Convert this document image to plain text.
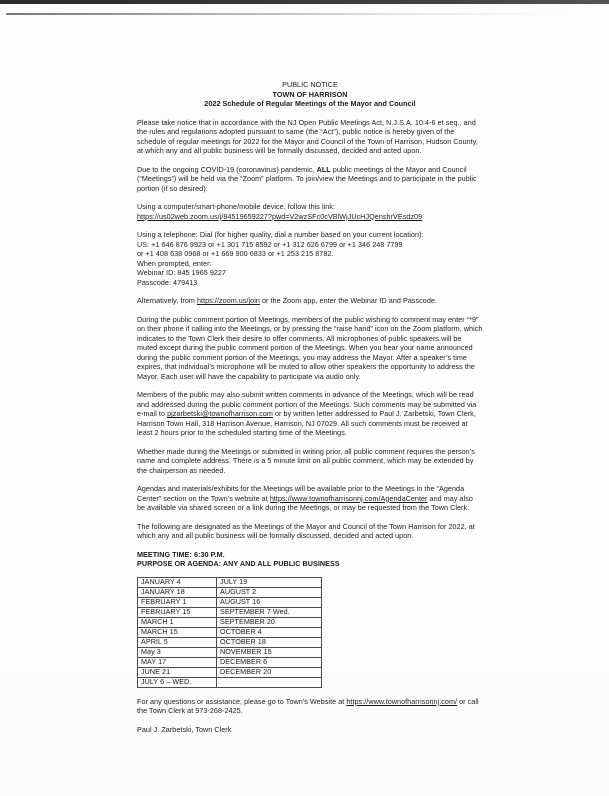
PUBLIC NOTICE
TOWN OF HARRISON
2022 Schedule of Regular Meetings of the Mayor and Council

Please take notice that in accordance with the NJ Open Public Meetings Act, N.J.S.A. 10:4-6 et seq., and the rules and regulations adopted pursuant to same (the “Act”), public notice is hereby given of the schedule of regular meetings for 2022 for the Mayor and Council of the Town of Harrison, Hudson County, at which any and all public business will be formally discussed, decided and acted upon.

Due to the ongoing COVID-19 (coronavirus) pandemic, ALL public meetings of the Mayor and Council (“Meetings”) will be held via the “Zoom” platform. To join/view the Meetings and to participate in the public portion (if so desired):

Using a computer/smart-phone/mobile device, follow this link:
https://us02web.zoom.us/j/84519659227?pwd=V2wzSFc0cVBlWjJUcHJQenshrVEsdz09
Using a telephone: Dial (for higher quality, dial a number based on your current location):
US: +1 646 876 9923 or +1 301 715 8592 or +1 312 626 6799 or +1 346 248 7799
or +1 408 638 0968 or +1 669 900 6833 or +1 253 215 8782.
When prompted, enter:
Webinar ID: 845 1965 9227
Passcode: 479413

Alternatively, from https://zoom.us/join or the Zoom app, enter the Webinar ID and Passcode.

During the public comment portion of Meetings, members of the public wishing to comment may enter “*9” on their phone if calling into the Meetings, or by pressing the “raise hand” icon on the Zoom platform, which indicates to the Town Clerk their desire to offer comments. All microphones of public speakers will be muted except during the public comment portion of the Meetings. When you hear your name announced during the public comment portion of the Meetings, you may address the Mayor. After a speaker’s time expires, that individual’s microphone will be muted to allow other speakers the opportunity to address the Mayor. Each user will have the capability to participate via audio only.

Members of the public may also submit written comments in advance of the Meetings, which will be read and addressed during the public comment portion of the Meetings. Such comments may be submitted via e-mail to pjzarbetski@townofharrison.com or by written letter addressed to Paul J. Zarbetski, Town Clerk, Harrison Town Hall, 318 Harrison Avenue, Harrison, NJ 07029. All such comments must be received at least 2 hours prior to the scheduled starting time of the Meetings.

Whether made during the Meetings or submitted in writing prior, all public comment requires the person’s name and complete address. There is a 5 minute limit on all public comment, which may be extended by the chairperson as needed.

Agendas and materials/exhibits for the Meetings will be available prior to the Meetings in the “Agenda Center” section on the Town’s website at https://www.townofharrisonnj.com/AgendaCenter and may also be available via shared screen or a link during the Meetings, or may be requested from the Town Clerk.

The following are designated as the Meetings of the Mayor and Council of the Town Harrison for 2022, at which any and all public business will be formally discussed, decided and acted upon.

MEETING TIME: 6:30 P.M.
PURPOSE OR AGENDA: ANY AND ALL PUBLIC BUSINESS
JANUARY 4	JULY 19
JANUARY 18	AUGUST 2
FEBRUARY 1	AUGUST 16
FEBRUARY 15	SEPTEMBER 7 Wed.
MARCH 1	SEPTEMBER 20
MARCH 15	OCTOBER 4
APRIL 5	OCTOBER 18
May 3	NOVEMBER 15
MAY 17	DECEMBER 6
JUNE 21	DECEMBER 20
JULY 6 – WED.	

For any questions or assistance, please go to Town’s Website at https://www.townofharrisonnj.com/ or call the Town Clerk at 973-268-2425.

Paul J. Zarbetski, Town Clerk
